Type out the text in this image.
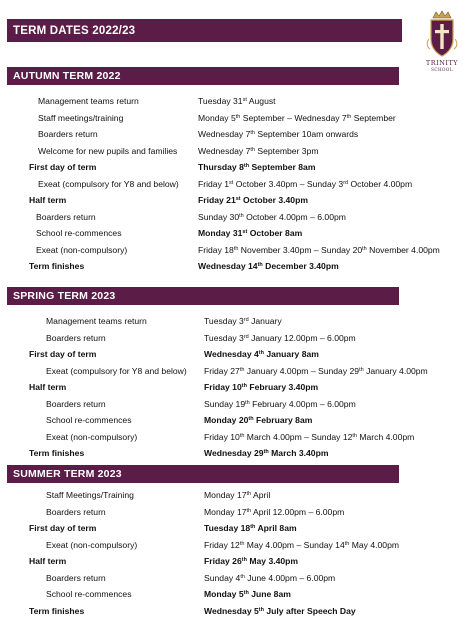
TERM DATES 2022/23
TRINITY
SCHOOL
AUTUMN TERM 2022
Management teams return	Tuesday 31st August
Staff meetings/training	Monday 5th September – Wednesday 7th September
Boarders return	Wednesday 7th September 10am onwards
Welcome for new pupils and families Wednesday 7th September 3pm
First day of term	Thursday 8th September 8am
Exeat (compulsory for Y8 and below) Friday 1st October 3.40pm – Sunday 3rd October 4.00pm
Half term	Friday 21st October 3.40pm
Boarders return	Sunday 30th October 4.00pm – 6.00pm
School re-commences	Monday 31st October 8am
Exeat (non-compulsory)	Friday 18th November 3.40pm – Sunday 20th November 4.00pm
Term finishes	Wednesday 14th December 3.40pm
SPRING TERM 2023
Management teams return	Tuesday 3rd January
Boarders return	Tuesday 3rd January 12.00pm – 6.00pm
First day of term	Wednesday 4th January 8am
Exeat (compulsory for Y8 and below) Friday 27th January 4.00pm – Sunday 29th January 4.00pm
Half term	Friday 10th February 3.40pm
Boarders return	Sunday 19th February 4.00pm – 6.00pm
School re-commences	Monday 20th February 8am
Exeat (non-compulsory)	Friday 10th March 4.00pm – Sunday 12th March 4.00pm
Term finishes	Wednesday 29th March 3.40pm
SUMMER TERM 2023
Staff Meetings/Training	Monday 17th April
Boarders return	Monday 17th April 12.00pm – 6.00pm
First day of term	Tuesday 18th April 8am
Exeat (non-compulsory)	Friday 12th May 4.00pm – Sunday 14th May 4.00pm
Half term	Friday 26th May 3.40pm
Boarders return	Sunday 4th June 4.00pm – 6.00pm
School re-commences	Monday 5th June 8am
Term finishes	Wednesday 5th July after Speech Day
